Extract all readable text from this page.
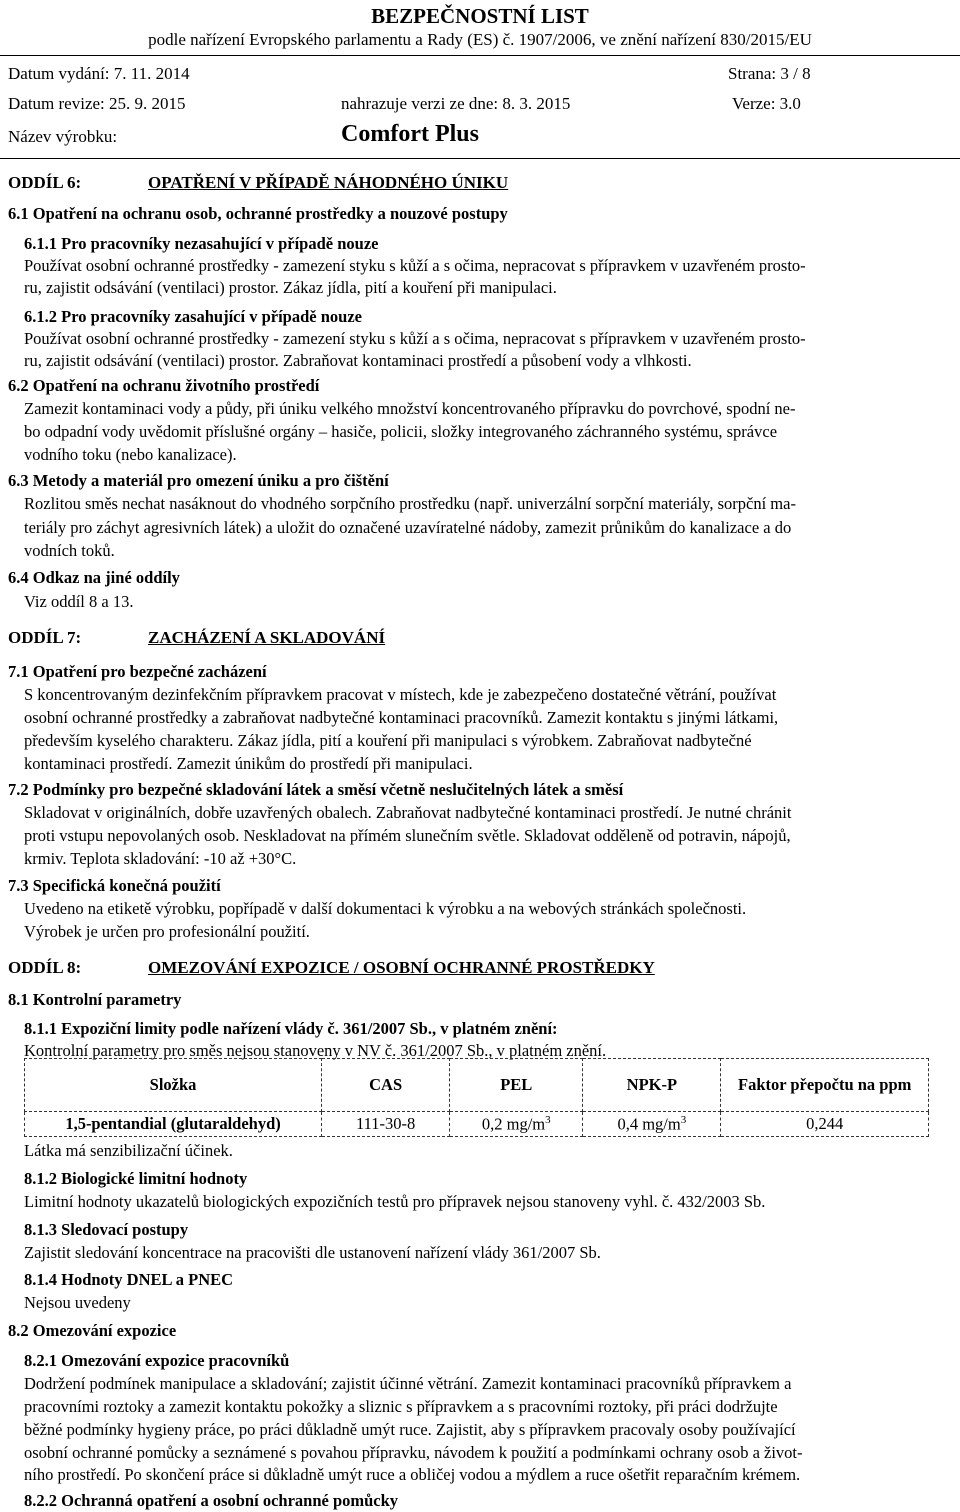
BEZPEČNOSTNÍ LIST
podle nařízení Evropského parlamentu a Rady (ES) č. 1907/2006, ve znění nařízení 830/2015/EU
Datum vydání: 7. 11. 2014	Strana: 3 / 8
Datum revize: 25. 9. 2015	nahrazuje verzi ze dne: 8. 3. 2015	Verze: 3.0
Název výrobku:	Comfort Plus
ODDÍL 6:	OPATŘENÍ V PŘÍPADĚ NÁHODNÉHO ÚNIKU
6.1 Opatření na ochranu osob, ochranné prostředky a nouzové postupy
6.1.1 Pro pracovníky nezasahující v případě nouze
Používat osobní ochranné prostředky - zamezení styku s kůží a s očima, nepracovat s přípravkem v uzavřeném prosto-
ru, zajistit odsávání (ventilaci) prostor. Zákaz jídla, pití a kouření při manipulaci.
6.1.2 Pro pracovníky zasahující v případě nouze
Používat osobní ochranné prostředky - zamezení styku s kůží a s očima, nepracovat s přípravkem v uzavřeném prosto-
ru, zajistit odsávání (ventilaci) prostor. Zabraňovat kontaminaci prostředí a působení vody a vlhkosti.
6.2 Opatření na ochranu životního prostředí
Zamezit kontaminaci vody a půdy, při úniku velkého množství koncentrovaného přípravku do povrchové, spodní ne-
bo odpadní vody uvědomit příslušné orgány – hasiče, policii, složky integrovaného záchranného systému, správce
vodního toku (nebo kanalizace).
6.3 Metody a materiál pro omezení úniku a pro čištění
Rozlitou směs nechat nasáknout do vhodného sorpčního prostředku (např. univerzální sorpční materiály, sorpční ma-
teriály pro záchyt agresivních látek) a uložit do označené uzavíratelné nádoby, zamezit průnikům do kanalizace a do
vodních toků.
6.4 Odkaz na jiné oddíly
Viz oddíl 8 a 13.
ODDÍL 7:	ZACHÁZENÍ A SKLADOVÁNÍ
7.1 Opatření pro bezpečné zacházení
S koncentrovaným dezinfekčním přípravkem pracovat v místech, kde je zabezpečeno dostatečné větrání, používat
osobní ochranné prostředky a zabraňovat nadbytečné kontaminaci pracovníků. Zamezit kontaktu s jinými látkami,
především kyselého charakteru. Zákaz jídla, pití a kouření při manipulaci s výrobkem. Zabraňovat nadbytečné
kontaminaci prostředí. Zamezit únikům do prostředí při manipulaci.
7.2 Podmínky pro bezpečné skladování látek a směsí včetně neslučitelných látek a směsí
Skladovat v originálních, dobře uzavřených obalech. Zabraňovat nadbytečné kontaminaci prostředí. Je nutné chránit
proti vstupu nepovolaných osob. Neskladovat na přímém slunečním světle. Skladovat odděleně od potravin, nápojů,
krmiv. Teplota skladování: -10 až +30°C.
7.3 Specifická konečná použití
Uvedeno na etiketě výrobku, popřípadě v další dokumentaci k výrobku a na webových stránkách společnosti.
Výrobek je určen pro profesionální použití.
ODDÍL 8:	OMEZOVÁNÍ EXPOZICE / OSOBNÍ OCHRANNÉ PROSTŘEDKY
8.1 Kontrolní parametry
8.1.1 Expoziční limity podle nařízení vlády č. 361/2007 Sb., v platném znění:
Kontrolní parametry pro směs nejsou stanoveny v NV č. 361/2007 Sb., v platném znění.
Složka	CAS	PEL	NPK-P	Faktor přepočtu na ppm
1,5-pentandial (glutaraldehyd)	111-30-8	0,2 $mg/m^3$	0,4 $mg/m^3$	0,244
Látka má senzibilizační účinek.
8.1.2 Biologické limitní hodnoty
Limitní hodnoty ukazatelů biologických expozičních testů pro přípravek nejsou stanoveny vyhl. č. 432/2003 Sb.
8.1.3 Sledovací postupy
Zajistit sledování koncentrace na pracovišti dle ustanovení nařízení vlády 361/2007 Sb.
8.1.4 Hodnoty DNEL a PNEC
Nejsou uvedeny
8.2 Omezování expozice
8.2.1 Omezování expozice pracovníků
Dodržení podmínek manipulace a skladování; zajistit účinné větrání. Zamezit kontaminaci pracovníků přípravkem a
pracovními roztoky a zamezit kontaktu pokožky a sliznic s přípravkem a s pracovními roztoky, při práci dodržujte
běžné podmínky hygieny práce, po práci důkladně umýt ruce. Zajistit, aby s přípravkem pracovaly osoby používající
osobní ochranné pomůcky a seznámené s povahou přípravku, návodem k použití a podmínkami ochrany osob a život-
ního prostředí. Po skončení práce si důkladně umýt ruce a obličej vodou a mýdlem a ruce ošetřit reparačním krémem.
8.2.2 Ochranná opatření a osobní ochranné pomůcky
